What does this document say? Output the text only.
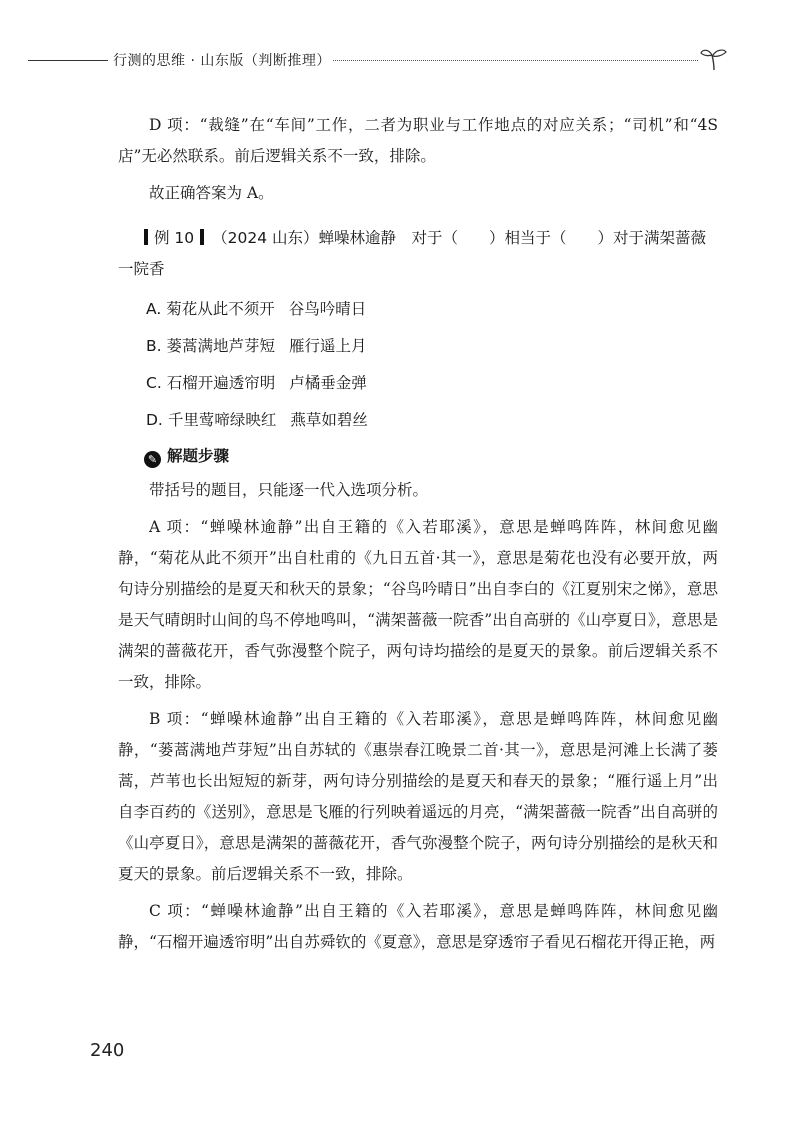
行测的思维 · 山东版（判断推理）

D 项：“裁缝”在“车间”工作，二者为职业与工作地点的对应关系；“司机”和“4S 店”无必然联系。前后逻辑关系不一致，排除。

故正确答案为 A。

例 10 （2024 山东）蝉噪林逾静　对于（　　）相当于（　　）对于满架蔷薇一院香
A. 菊花从此不须开 谷鸟吟晴日
B. 蒌蒿满地芦芽短 雁行遥上月
C. 石榴开遍透帘明 卢橘垂金弹
D. 千里莺啼绿映红 燕草如碧丝
✎ 解题步骤

带括号的题目，只能逐一代入选项分析。

A 项：“蝉噪林逾静”出自王籍的《入若耶溪》，意思是蝉鸣阵阵，林间愈见幽静，“菊花从此不须开”出自杜甫的《九日五首·其一》，意思是菊花也没有必要开放，两句诗分别描绘的是夏天和秋天的景象；“谷鸟吟晴日”出自李白的《江夏别宋之悌》，意思是天气晴朗时山间的鸟不停地鸣叫，“满架蔷薇一院香”出自高骈的《山亭夏日》，意思是满架的蔷薇花开，香气弥漫整个院子，两句诗均描绘的是夏天的景象。前后逻辑关系不一致，排除。

B 项：“蝉噪林逾静”出自王籍的《入若耶溪》，意思是蝉鸣阵阵，林间愈见幽静，“蒌蒿满地芦芽短”出自苏轼的《惠崇春江晚景二首·其一》，意思是河滩上长满了蒌蒿，芦苇也长出短短的新芽，两句诗分别描绘的是夏天和春天的景象；“雁行遥上月”出自李百药的《送别》，意思是飞雁的行列映着遥远的月亮，“满架蔷薇一院香”出自高骈的《山亭夏日》，意思是满架的蔷薇花开，香气弥漫整个院子，两句诗分别描绘的是秋天和夏天的景象。前后逻辑关系不一致，排除。

C 项：“蝉噪林逾静”出自王籍的《入若耶溪》，意思是蝉鸣阵阵，林间愈见幽静，“石榴开遍透帘明”出自苏舜钦的《夏意》，意思是穿透帘子看见石榴花开得正艳，两

240
